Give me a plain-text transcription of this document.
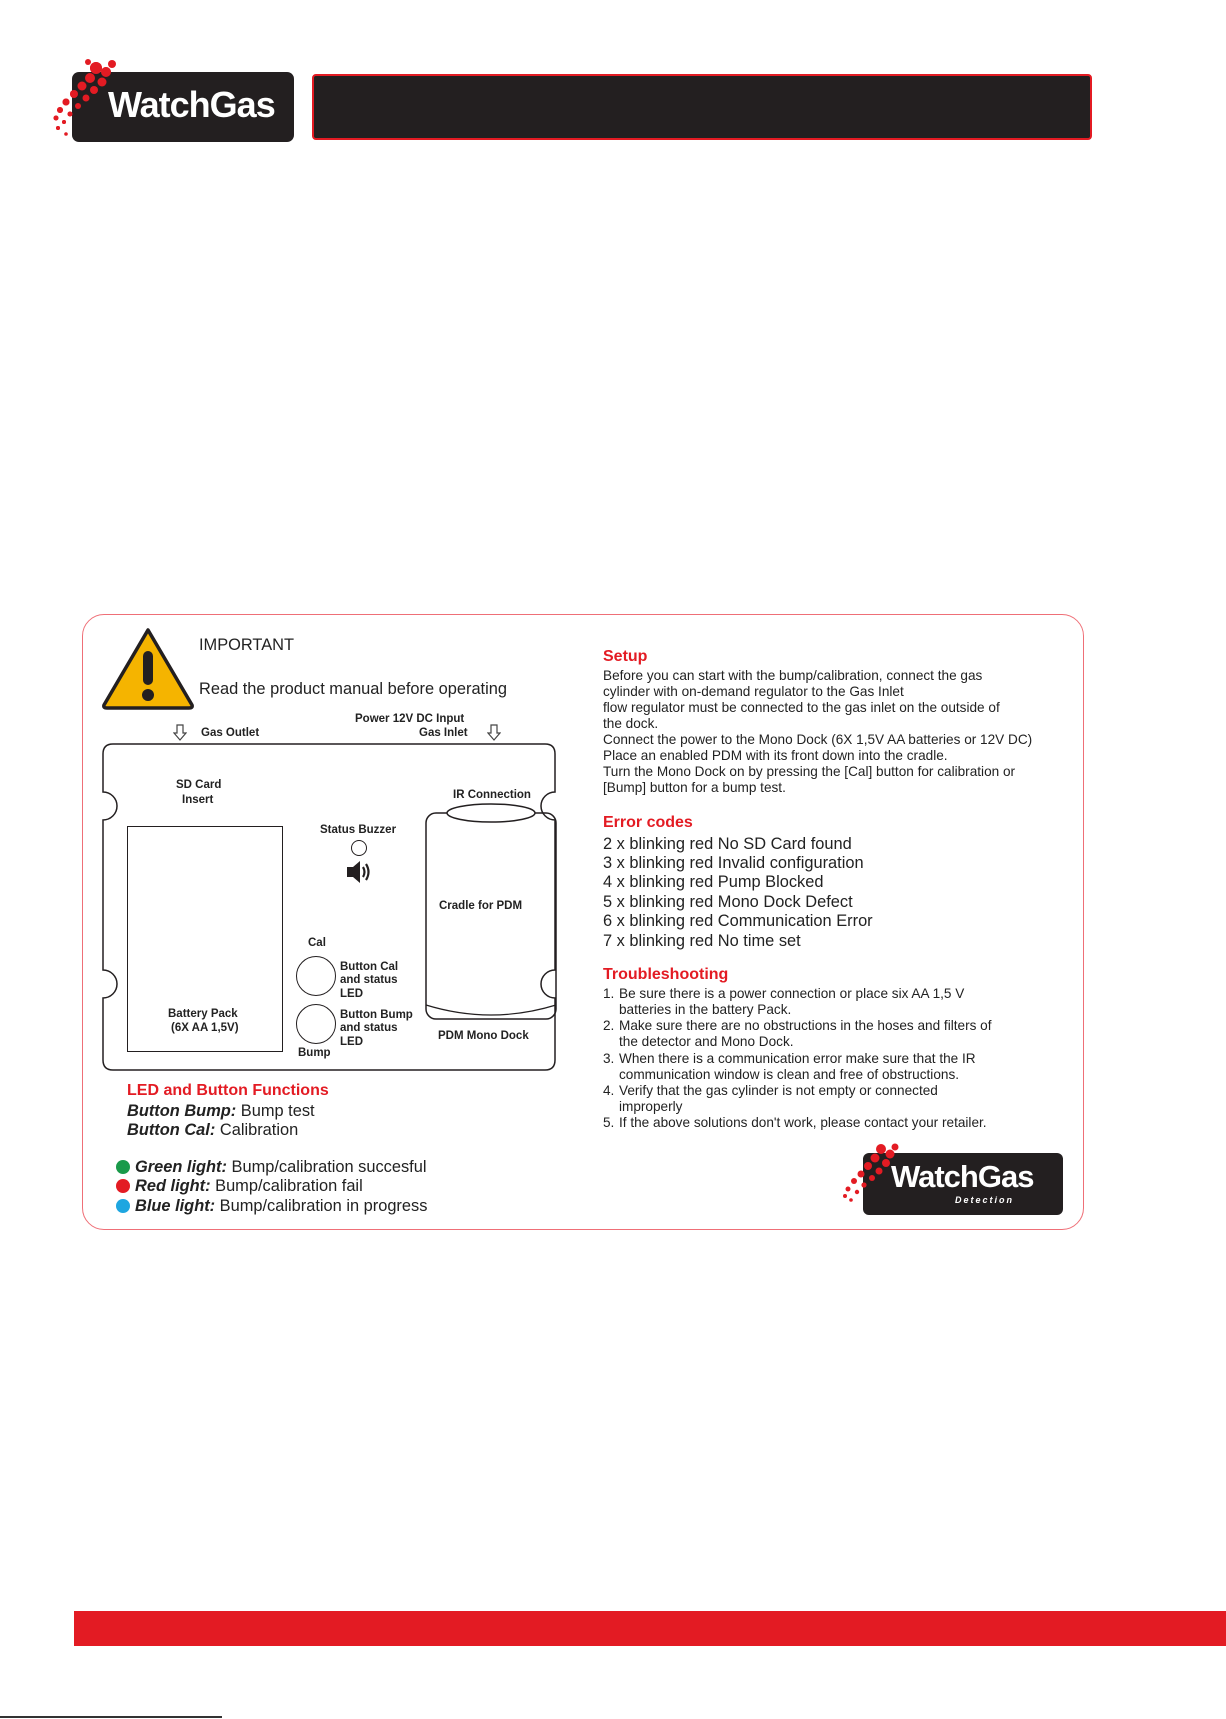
WatchGas
IMPORTANT
Read the product manual before operating
Gas Outlet
Power 12V DC Input
Gas Inlet
SD Card
Insert
Battery Pack
(6X AA 1,5V)
Status Buzzer
Cal
Button Cal
and status
LED
Button Bump
and status
LED
Bump
IR Connection
Cradle for PDM
PDM Mono Dock
LED and Button Functions
Button Bump: Bump test
Button Cal: Calibration
Green light: Bump/calibration succesful
Red light: Bump/calibration fail
Blue light: Bump/calibration in progress
Setup
Before you can start with the bump/calibration, connect the gas
cylinder with on-demand regulator to the Gas Inlet
flow regulator must be connected to the gas inlet on the outside of
the dock.
Connect the power to the Mono Dock (6X 1,5V AA batteries or 12V DC)
Place an enabled PDM with its front down into the cradle.
Turn the Mono Dock on by pressing the [Cal] button for calibration or
[Bump] button for a bump test.
Error codes
2 x blinking red No SD Card found
3 x blinking red Invalid configuration
4 x blinking red Pump Blocked
5 x blinking red Mono Dock Defect
6 x blinking red Communication Error
7 x blinking red No time set
Troubleshooting
1. Be sure there is a power connection or place six AA 1,5 V
batteries in the battery Pack.
2. Make sure there are no obstructions in the hoses and filters of
the detector and Mono Dock.
3. When there is a communication error make sure that the IR
communication window is clean and free of obstructions.
4. Verify that the gas cylinder is not empty or connected
improperly
5. If the above solutions don't work, please contact your retailer.
WatchGas
Detection
